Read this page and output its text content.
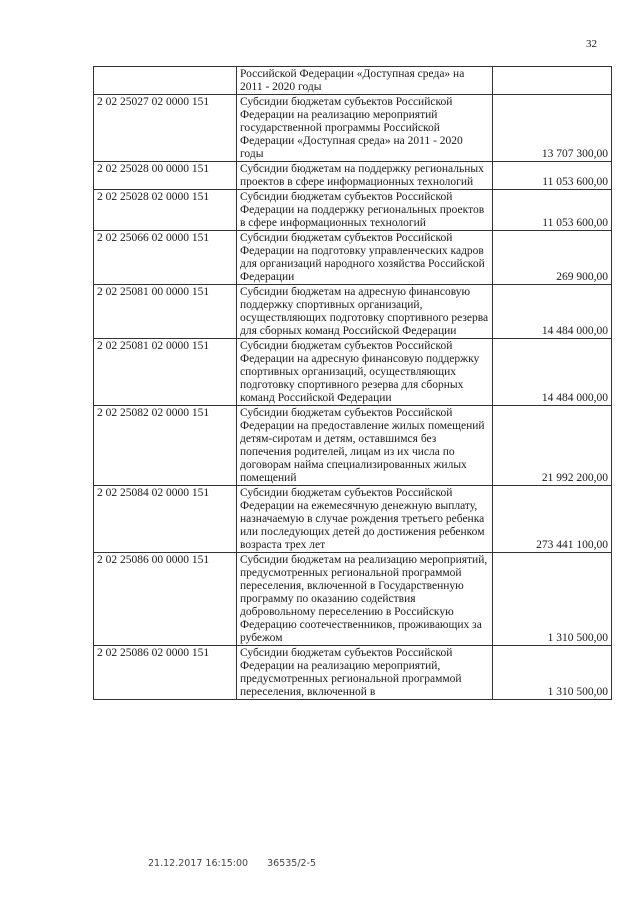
32
	Российской Федерации «Доступная среда» на 2011 - 2020 годы	
2 02 25027 02 0000 151	Субсидии бюджетам субъектов Российской Федерации на реализацию мероприятий государственной программы Российской Федерации «Доступная среда» на 2011 - 2020 годы	13 707 300,00
2 02 25028 00 0000 151	Субсидии бюджетам на поддержку региональных проектов в сфере информационных технологий	11 053 600,00
2 02 25028 02 0000 151	Субсидии бюджетам субъектов Российской Федерации на поддержку региональных проектов в сфере информационных технологий	11 053 600,00
2 02 25066 02 0000 151	Субсидии бюджетам субъектов Российской Федерации на подготовку управленческих кадров для организаций народного хозяйства Российской Федерации	269 900,00
2 02 25081 00 0000 151	Субсидии бюджетам на адресную финансовую поддержку спортивных организаций, осуществляющих подготовку спортивного резерва для сборных команд Российской Федерации	14 484 000,00
2 02 25081 02 0000 151	Субсидии бюджетам субъектов Российской Федерации на адресную финансовую поддержку спортивных организаций, осуществляющих подготовку спортивного резерва для сборных команд Российской Федерации	14 484 000,00
2 02 25082 02 0000 151	Субсидии бюджетам субъектов Российской Федерации на предоставление жилых помещений детям-сиротам и детям, оставшимся без попечения родителей, лицам из их числа по договорам найма специализированных жилых помещений	21 992 200,00
2 02 25084 02 0000 151	Субсидии бюджетам субъектов Российской Федерации на ежемесячную денежную выплату, назначаемую в случае рождения третьего ребенка или последующих детей до достижения ребенком возраста трех лет	273 441 100,00
2 02 25086 00 0000 151	Субсидии бюджетам на реализацию мероприятий, предусмотренных региональной программой переселения, включенной в Государственную программу по оказанию содействия добровольному переселению в Российскую Федерацию соотечественников, проживающих за рубежом	1 310 500,00
2 02 25086 02 0000 151	Субсидии бюджетам субъектов Российской Федерации на реализацию мероприятий, предусмотренных региональной программой переселения, включенной в	1 310 500,00
21.12.2017 16:15:00 36535/2-5
